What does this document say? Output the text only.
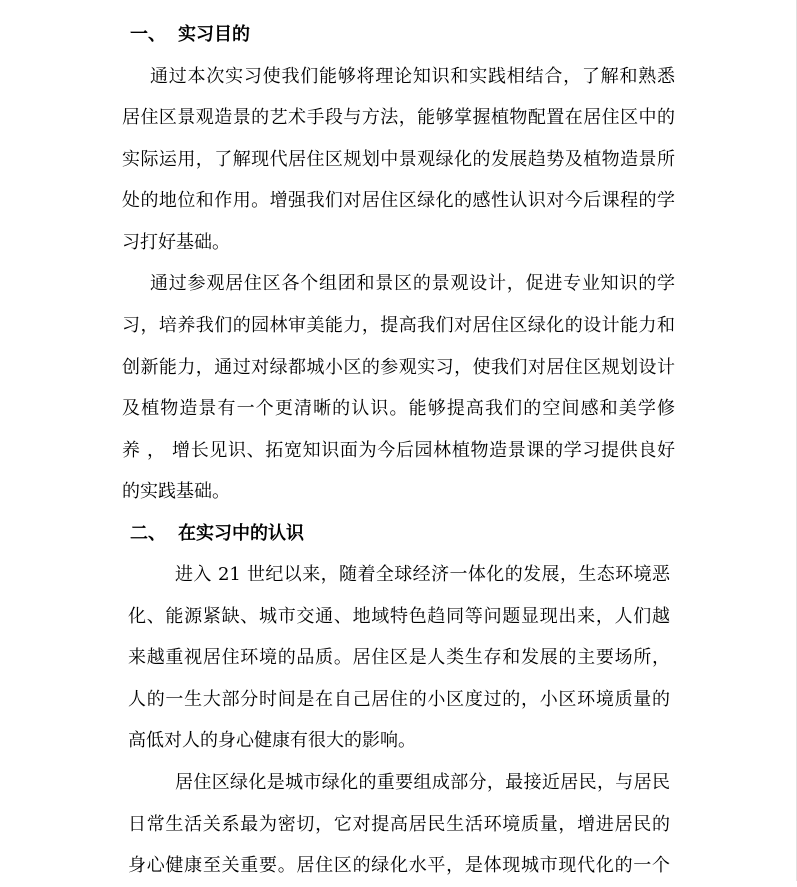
一、 实习目的
通过本次实习使我们能够将理论知识和实践相结合，了解和熟悉
居住区景观造景的艺术手段与方法，能够掌握植物配置在居住区中的
实际运用，了解现代居住区规划中景观绿化的发展趋势及植物造景所
处的地位和作用。增强我们对居住区绿化的感性认识对今后课程的学
习打好基础。
通过参观居住区各个组团和景区的景观设计，促进专业知识的学
习，培养我们的园林审美能力，提高我们对居住区绿化的设计能力和
创新能力，通过对绿都城小区的参观实习，使我们对居住区规划设计
及植物造景有一个更清晰的认识。能够提高我们的空间感和美学修
养 ， 增长见识、拓宽知识面为今后园林植物造景课的学习提供良好
的实践基础。
二、 在实习中的认识
进入 21 世纪以来，随着全球经济一体化的发展，生态环境恶
化、能源紧缺、城市交通、地域特色趋同等问题显现出来，人们越
来越重视居住环境的品质。居住区是人类生存和发展的主要场所，
人的一生大部分时间是在自己居住的小区度过的，小区环境质量的
高低对人的身心健康有很大的影响。
居住区绿化是城市绿化的重要组成部分，最接近居民，与居民
日常生活关系最为密切，它对提高居民生活环境质量，增进居民的
身心健康至关重要。居住区的绿化水平，是体现城市现代化的一个
